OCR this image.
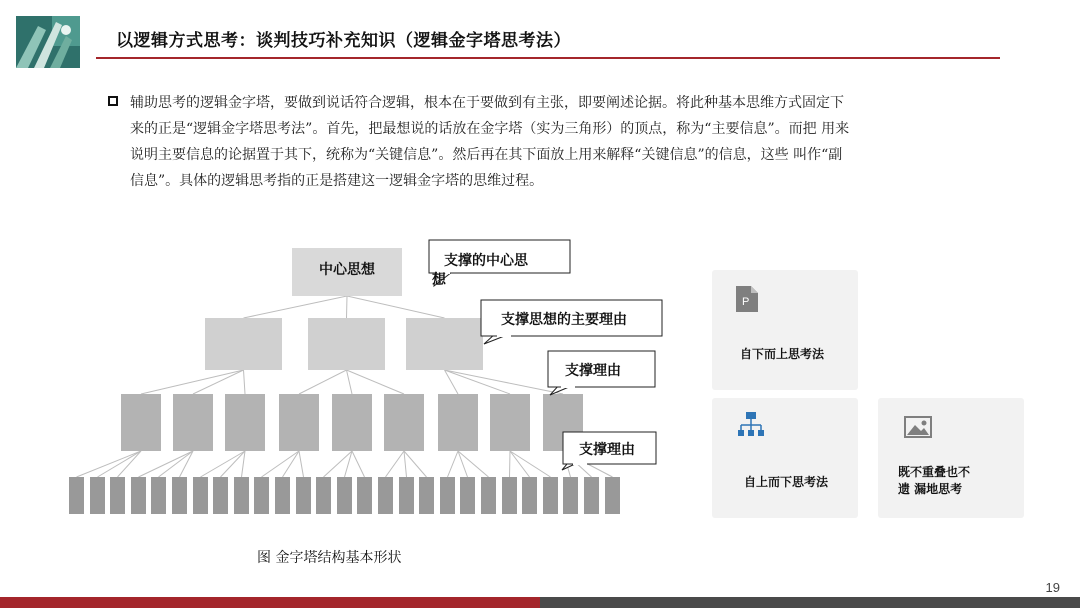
以逻辑方式思考：谈判技巧补充知识（逻辑金字塔思考法）
辅助思考的逻辑金字塔，要做到说话符合逻辑，根本在于要做到有主张，即要阐述论据。将此种基本思维方式固定下
来的正是“逻辑金字塔思考法”。首先，把最想说的话放在金字塔（实为三角形）的顶点，称为“主要信息”。而把 用来
说明主要信息的论据置于其下，统称为“关键信息”。然后再在其下面放上用来解释“关键信息”的信息，这些 叫作“副
信息”。具体的逻辑思考指的正是搭建这一逻辑金字塔的思维过程。
中心思想
支撑的中心思
想
支撑思想的主要理由
支撑理由
支撑理由
图 金字塔结构基本形状
P
自下而上思考法
自上而下思考法
既不重叠也不
遗 漏地思考
19
